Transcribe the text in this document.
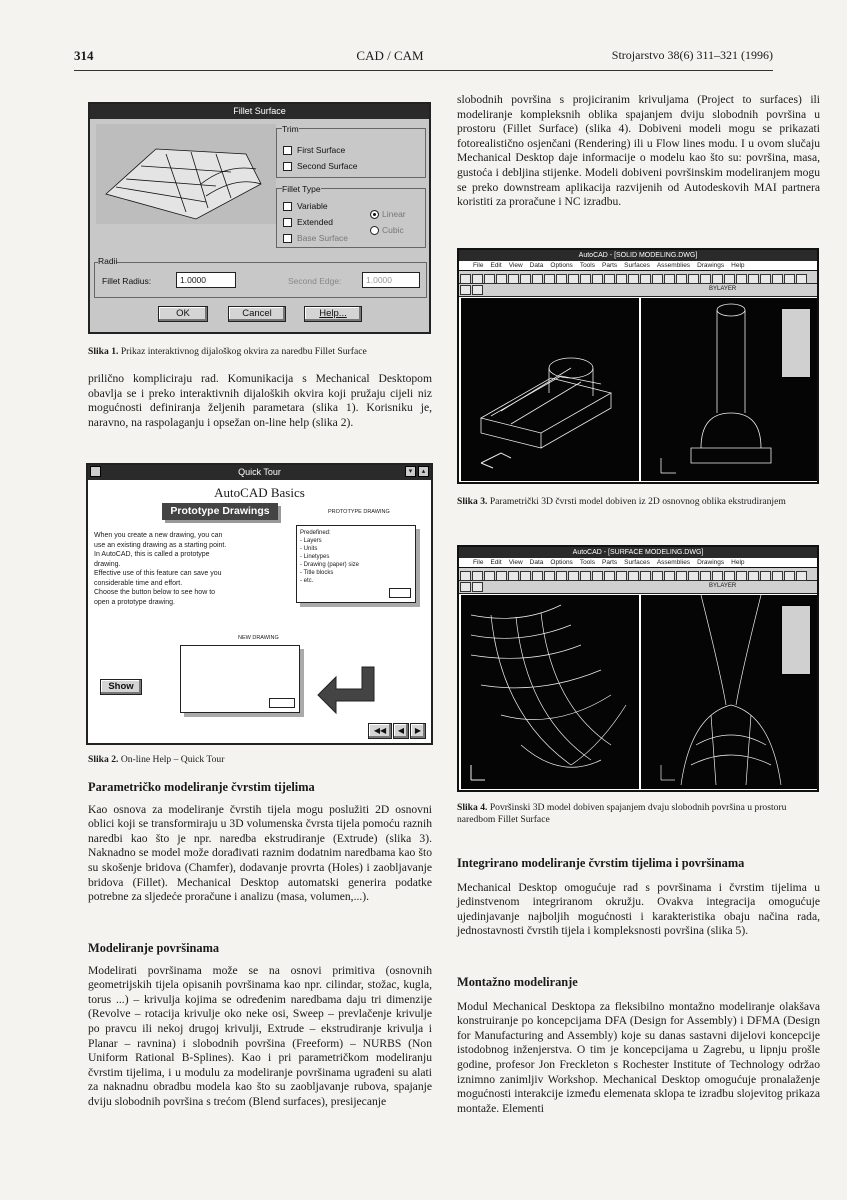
314	CAD / CAM	Strojarstvo 38(6) 311–321 (1996)
Fillet Surface
Trim
First Surface
Second Surface
Fillet Type
Variable
Extended
Base Surface
Linear
Cubic
Radii
Fillet Radius:	1.0000	Second Edge:	1.0000
OK	Cancel	Help...
Slika 1. Prikaz interaktivnog dijaloškog okvira za naredbu Fillet Surface

prilično kompliciraju rad. Komunikacija s Mechanical Desktopom obavlja se i preko interaktivnih dijaloških okvira koji pružaju cijeli niz mogućnosti definiranja željenih parametara (slika 1). Korisniku je, naravno, na raspolaganju i opsežan on-line help (slika 2).

Quick Tour	▴
▾
AutoCAD Basics
Prototype Drawings	PROTOTYPE DRAWING
Predefined:
- Layers
- Units
- Linetypes
- Drawing (paper) size
- Title blocks
- etc.
When you create a new drawing, you can
use an existing drawing as a starting point.
In AutoCAD, this is called a prototype
drawing.
Effective use of this feature can save you
considerable time and effort.
Choose the button below to see how to
open a prototype drawing.
NEW DRAWING
Show
◀◀	◀	▶
Slika 2. On-line Help – Quick Tour
Parametričko modeliranje čvrstim tijelima

Kao osnova za modeliranje čvrstih tijela mogu poslužiti 2D osnovni oblici koji se transformiraju u 3D volumenska čvrsta tijela pomoću raznih naredbi kao što je npr. naredba ekstrudiranje (Extrude) (slika 3). Naknadno se model može dorađivati raznim dodatnim naredbama kao što su skošenje bridova (Chamfer), dodavanje provrta (Holes) i zaobljavanje bridova (Fillet). Mechanical Desktop automatski generira podatke potrebne za sljedeće proračune i analizu (masa, volumen,...).

Modeliranje površinama

Modelirati površinama može se na osnovi primitiva (osnovnih geometrijskih tijela opisanih površinama kao npr. cilindar, stožac, kugla, torus ...) – krivulja kojima se određenim naredbama daju tri dimenzije (Revolve – rotacija krivulje oko neke osi, Sweep – prevlačenje krivulje po pravcu ili nekoj drugoj krivulji, Extrude – ekstrudiranje krivulja i Planar – ravnina) i slobodnih površina (Freeform) – NURBS (Non Uniform Rational B-Splines). Kao i pri parametričkom modeliranju čvrstim tijelima, i u modulu za modeliranje površinama ugrađeni su alati za naknadnu obradbu modela kao što su zaobljavanje rubova, spajanje dviju slobodnih površina s trećom (Blend surfaces), presijecanje

slobodnih površina s projiciranim krivuljama (Project to surfaces) ili modeliranje kompleksnih oblika spajanjem dviju slobodnih površina u prostoru (Fillet Surface) (slika 4). Dobiveni modeli mogu se prikazati fotorealistično osjenčani (Rendering) ili u Flow lines modu. I u ovom slučaju Mechanical Desktop daje informacije o modelu kao što su: površina, masa, gustoća i debljina stijenke. Modeli dobiveni površinskim modeliranjem mogu se preko downstream aplikacija razvijenih od Autodeskovih MAI partnera koristiti za proračune i NC izradbu.

AutoCAD - [SOLID MODELING.DWG]
File Edit View Data Options Tools Parts Surfaces Assemblies Drawings Help
BYLAYER
Slika 3. Parametrički 3D čvrsti model dobiven iz 2D osnovnog oblika ekstrudiranjem
AutoCAD - [SURFACE MODELING.DWG]
File Edit View Data Options Tools Parts Surfaces Assemblies Drawings Help
BYLAYER
Slika 4. Površinski 3D model dobiven spajanjem dvaju slobodnih površina u prostoru naredbom Fillet Surface
Integrirano modeliranje čvrstim tijelima i površinama

Mechanical Desktop omogućuje rad s površinama i čvrstim tijelima u jedinstvenom integriranom okružju. Ovakva integracija omogućuje ujedinjavanje najboljih mogućnosti i karakteristika obaju načina rada, jednostavnosti čvrstih tijela i kompleksnosti površina (slika 5).

Montažno modeliranje

Modul Mechanical Desktopa za fleksibilno montažno modeliranje olakšava konstruiranje po koncepcijama DFA (Design for Assembly) i DFMA (Design for Manufacturing and Assembly) koje su danas sastavni dijelovi koncepcije istodobnog inženjerstva. O tim je koncepcijama u Zagrebu, u lipnju prošle godine, profesor Jon Freckleton s Rochester Institute of Technology održao iznimno zanimljiv Workshop. Mechanical Desktop omogućuje pronalaženje mogućnosti interakcije između elemenata sklopa te izradbu slojevitog prikaza montaže. Elementi
